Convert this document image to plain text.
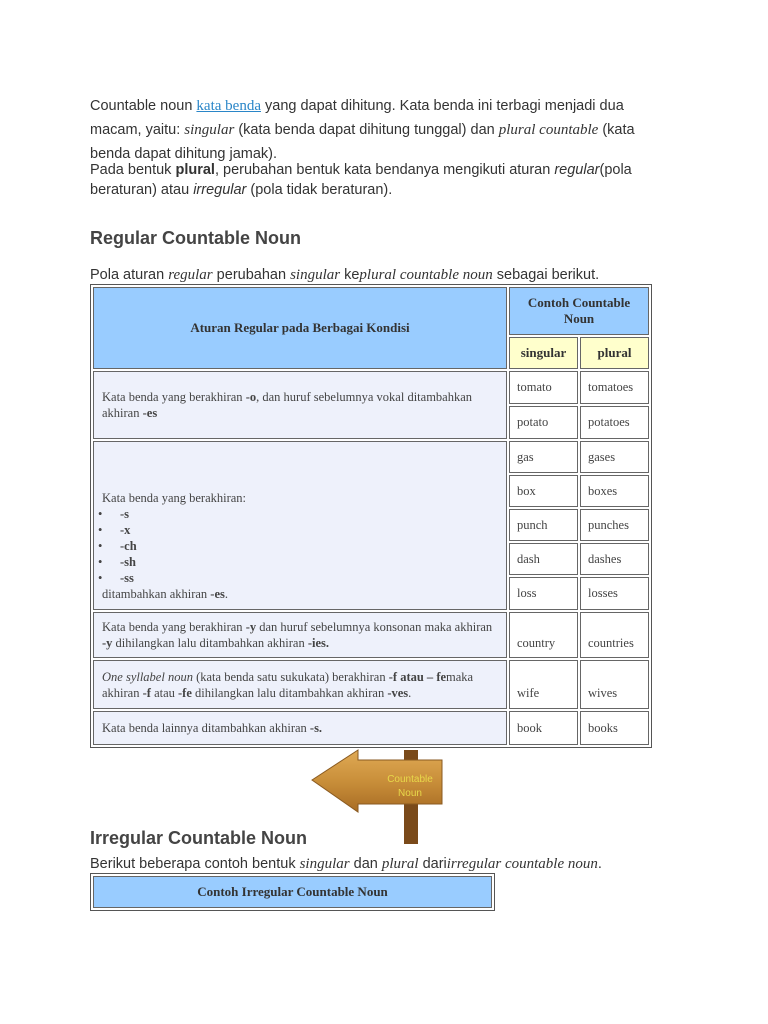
Countable noun kata benda yang dapat dihitung. Kata benda ini terbagi menjadi dua macam, yaitu: singular (kata benda dapat dihitung tunggal) dan plural countable (kata benda dapat dihitung jamak).
Pada bentuk plural, perubahan bentuk kata bendanya mengikuti aturan regular(pola beraturan) atau irregular (pola tidak beraturan).
Regular Countable Noun
Pola aturan regular perubahan singular keplural countable noun sebagai berikut.
Aturan Regular pada Berbagai Kondisi
Contoh Countable Noun
singular	plural
Kata benda yang berakhiran -o, dan huruf sebelumnya vokal ditambahkan akhiran -es
tomato	tomatoes
potato	potatoes
Kata benda yang berakhiran:
• -s
• -x
• -ch
• -sh
• -ss
ditambahkan akhiran -es.
gas	gases
box	boxes
punch	punches
dash	dashes
loss	losses
Kata benda yang berakhiran -y dan huruf sebelumnya konsonan maka akhiran -y dihilangkan lalu ditambahkan akhiran -ies.	country	countries
One syllabel noun (kata benda satu sukukata) berakhiran -f atau – femaka akhiran -f atau -fe dihilangkan lalu ditambahkan akhiran -ves.	wife	wives
Kata benda lainnya ditambahkan akhiran -s.	book	books
Countable
Noun
Irregular Countable Noun
Berikut beberapa contoh bentuk singular dan plural dariirregular countable noun.
Contoh Irregular Countable Noun
